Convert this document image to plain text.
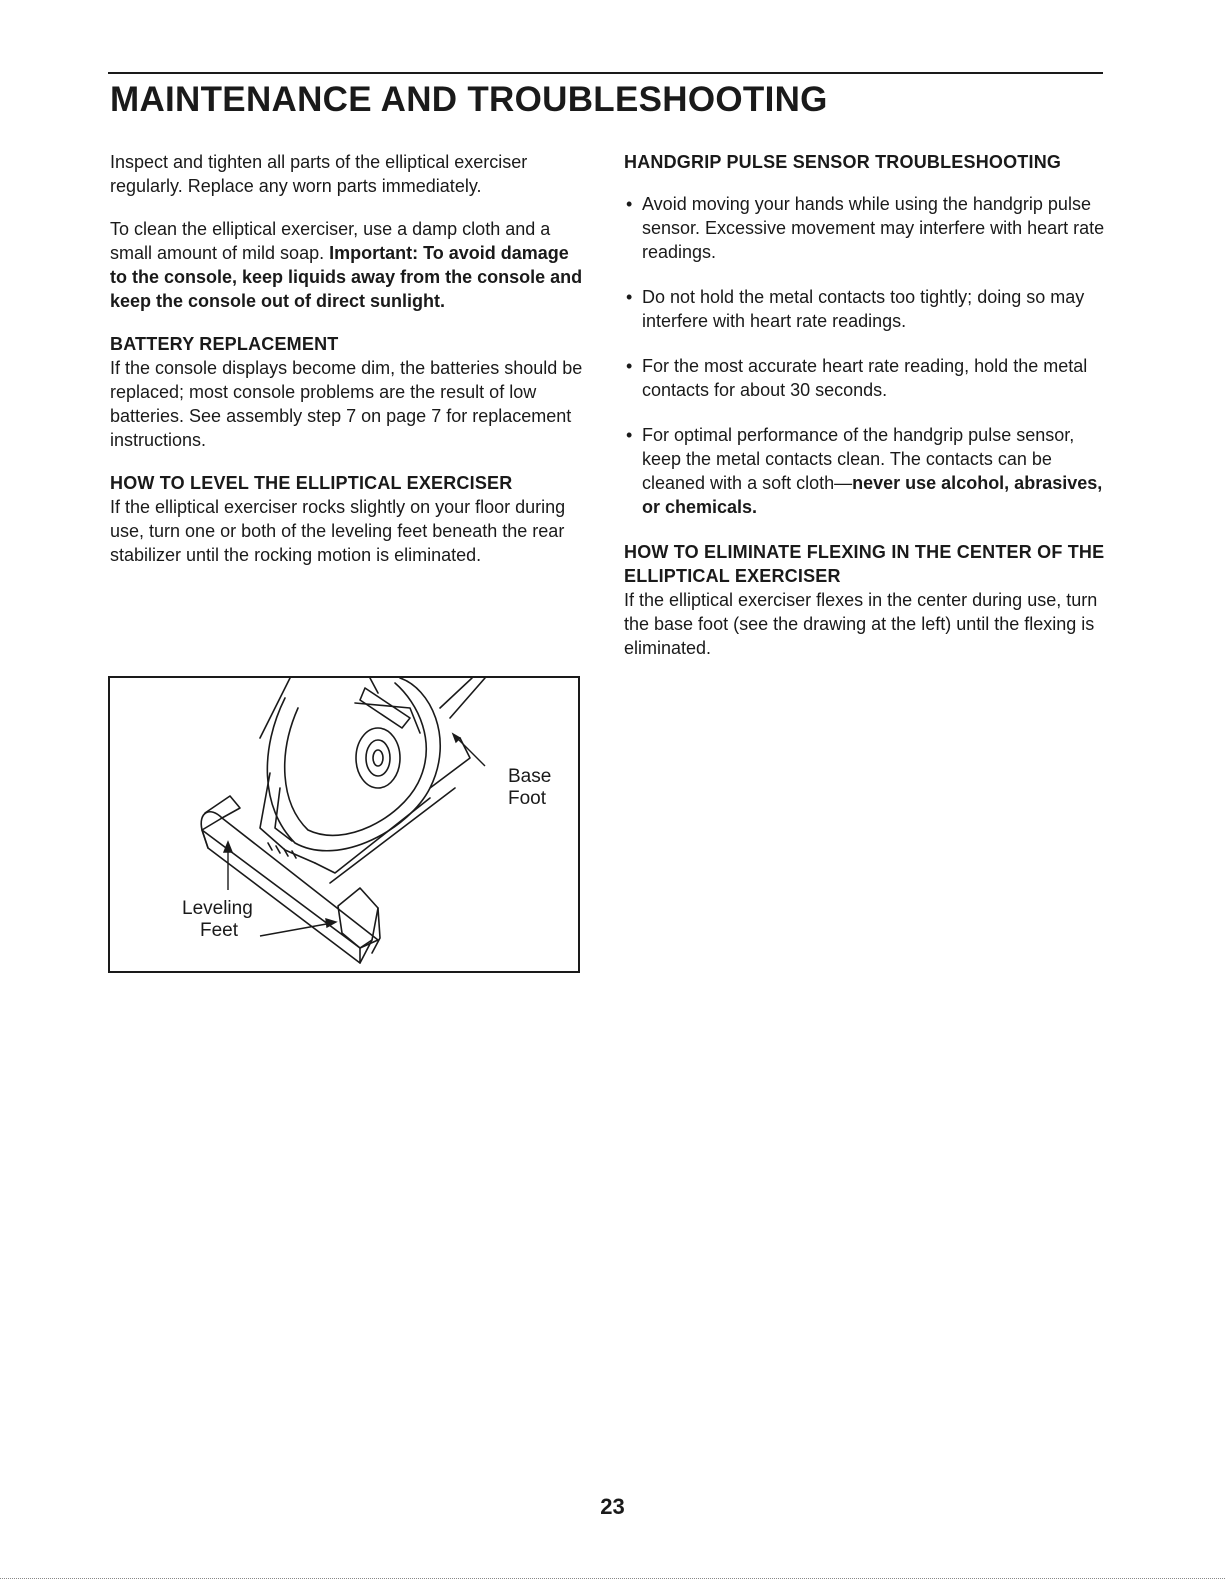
MAINTENANCE AND TROUBLESHOOTING

Inspect and tighten all parts of the elliptical exerciser regularly. Replace any worn parts immediately.

To clean the elliptical exerciser, use a damp cloth and a small amount of mild soap. Important: To avoid damage to the console, keep liquids away from the console and keep the console out of direct sunlight.

BATTERY REPLACEMENT

If the console displays become dim, the batteries should be replaced; most console problems are the result of low batteries. See assembly step 7 on page 7 for replacement instructions.

HOW TO LEVEL THE ELLIPTICAL EXERCISER

If the elliptical exerciser rocks slightly on your floor during use, turn one or both of the leveling feet beneath the rear stabilizer until the rocking motion is eliminated.

Base
Foot
Leveling
Feet

HANDGRIP PULSE SENSOR TROUBLESHOOTING

• Avoid moving your hands while using the handgrip pulse sensor. Excessive movement may interfere with heart rate readings.
• Do not hold the metal contacts too tightly; doing so may interfere with heart rate readings.
• For the most accurate heart rate reading, hold the metal contacts for about 30 seconds.
• For optimal performance of the handgrip pulse sensor, keep the metal contacts clean. The contacts can be cleaned with a soft cloth—never use alcohol, abrasives, or chemicals.

HOW TO ELIMINATE FLEXING IN THE CENTER OF THE ELLIPTICAL EXERCISER

If the elliptical exerciser flexes in the center during use, turn the base foot (see the drawing at the left) until the flexing is eliminated.

23
